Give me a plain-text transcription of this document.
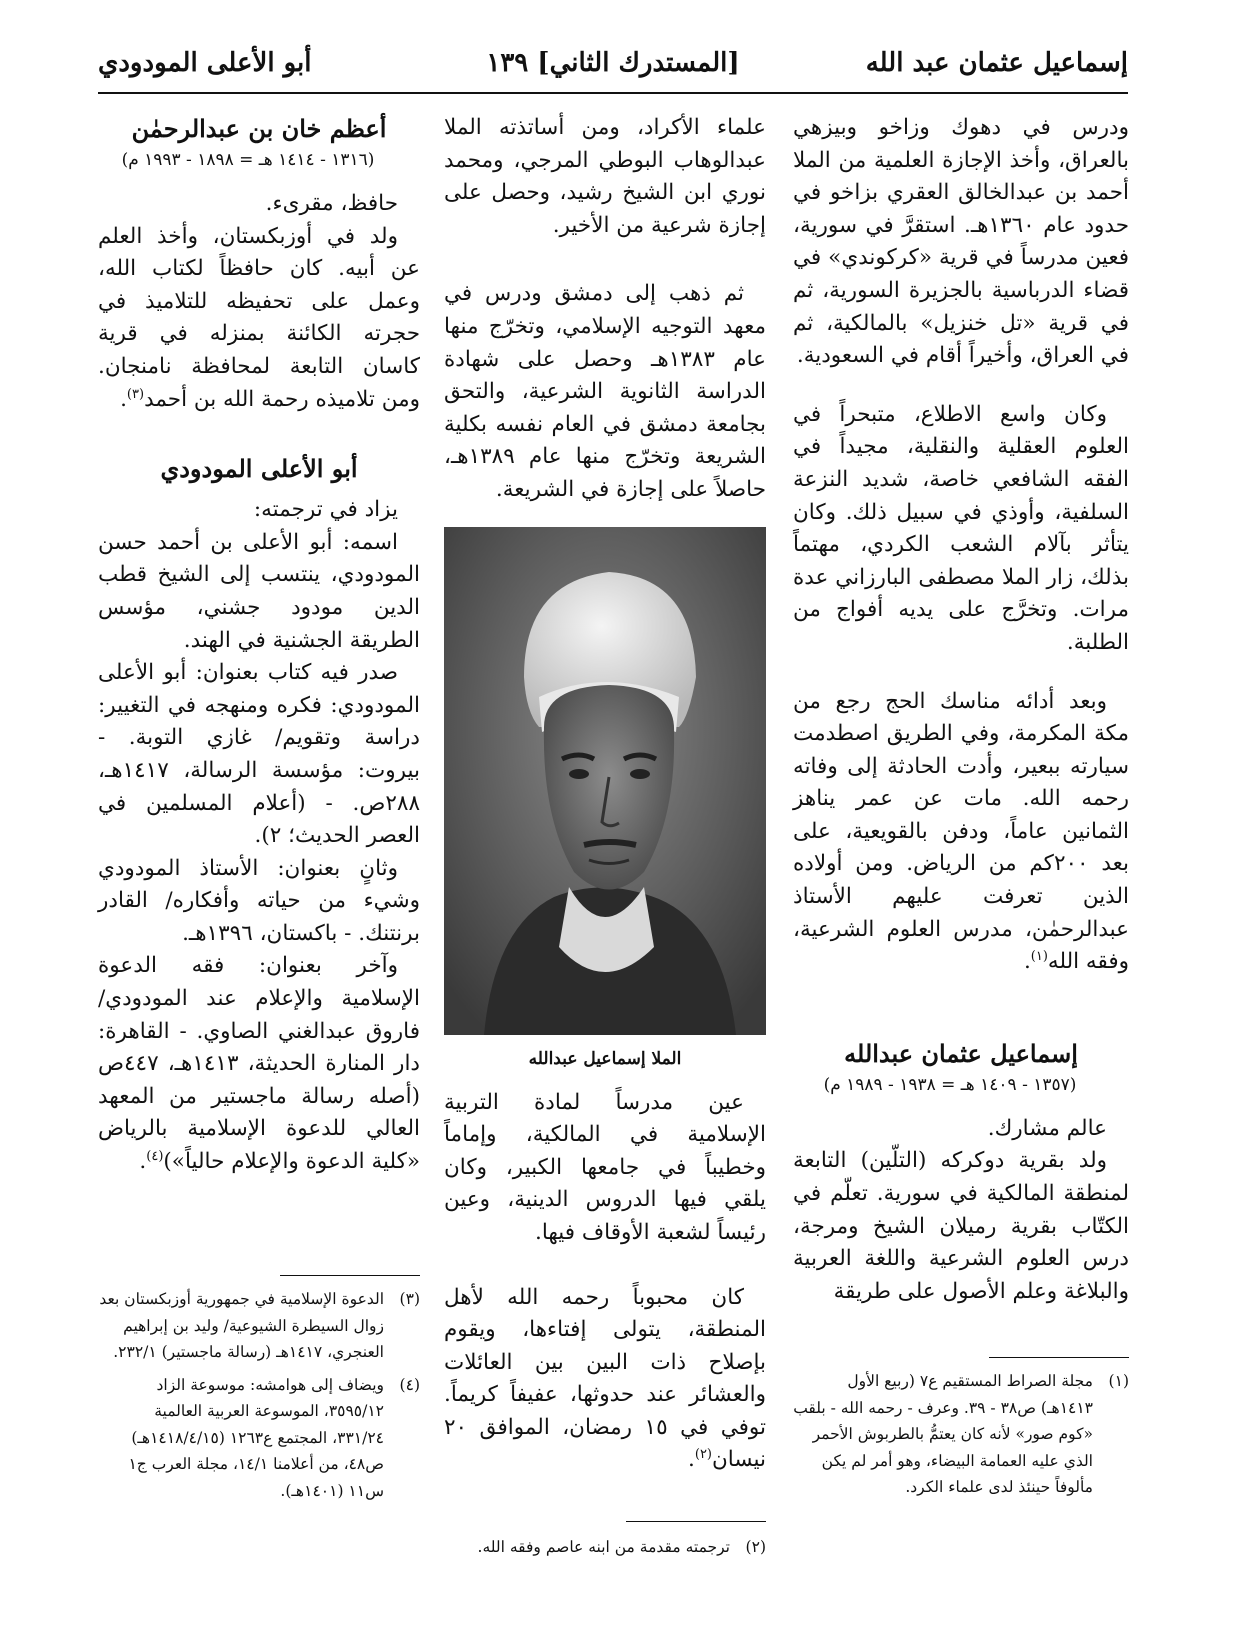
إسماعيل عثمان عبد الله
[المستدرك الثاني] ١٣٩
أبو الأعلى المودودي

ودرس في دهوك وزاخو وبيزهي بالعراق، وأخذ الإجازة العلمية من الملا أحمد بن عبدالخالق العقري بزاخو في حدود عام ١٣٦٠هـ. استقرَّ في سورية، فعين مدرساً في قرية «كركوندي» في قضاء الدرباسية بالجزيرة السورية، ثم في قرية «تل خنزيل» بالمالكية، ثم في العراق، وأخيراً أقام في السعودية.

وكان واسع الاطلاع، متبحراً في العلوم العقلية والنقلية، مجيداً في الفقه الشافعي خاصة، شديد النزعة السلفية، وأوذي في سبيل ذلك. وكان يتأثر بآلام الشعب الكردي، مهتماً بذلك، زار الملا مصطفى البارزاني عدة مرات. وتخرَّج على يديه أفواج من الطلبة.

وبعد أدائه مناسك الحج رجع من مكة المكرمة، وفي الطريق اصطدمت سيارته ببعير، وأدت الحادثة إلى وفاته رحمه الله. مات عن عمر يناهز الثمانين عاماً، ودفن بالقويعية، على بعد ٢٠٠كم من الرياض. ومن أولاده الذين تعرفت عليهم الأستاذ عبدالرحمٰن، مدرس العلوم الشرعية، وفقه الله$^{(١)}$.

إسماعيل عثمان عبدالله

(١٣٥٧ - ١٤٠٩ هـ = ١٩٣٨ - ١٩٨٩ م)

عالم مشارك.

ولد بقرية دوكركه (التلّين) التابعة لمنطقة المالكية في سورية. تعلّم في الكتّاب بقرية رميلان الشيخ ومرجة، درس العلوم الشرعية واللغة العربية والبلاغة وعلم الأصول على طريقة

علماء الأكراد، ومن أساتذته الملا عبدالوهاب البوطي المرجي، ومحمد نوري ابن الشيخ رشيد، وحصل على إجازة شرعية من الأخير.

ثم ذهب إلى دمشق ودرس في معهد التوجيه الإسلامي، وتخرّج منها عام ١٣٨٣هـ وحصل على شهادة الدراسة الثانوية الشرعية، والتحق بجامعة دمشق في العام نفسه بكلية الشريعة وتخرّج منها عام ١٣٨٩هـ، حاصلاً على إجازة في الشريعة.

الملا إسماعيل عبدالله

عين مدرساً لمادة التربية الإسلامية في المالكية، وإماماً وخطيباً في جامعها الكبير، وكان يلقي فيها الدروس الدينية، وعين رئيساً لشعبة الأوقاف فيها.

كان محبوباً رحمه الله لأهل المنطقة، يتولى إفتاءها، ويقوم بإصلاح ذات البين بين العائلات والعشائر عند حدوثها، عفيفاً كريماً. توفي في ١٥ رمضان، الموافق ٢٠ نيسان$^{(٢)}$.

أعظم خان بن عبدالرحمٰن

(١٣١٦ - ١٤١٤ هـ = ١٨٩٨ - ١٩٩٣ م)

حافظ، مقرىء.

ولد في أوزبكستان، وأخذ العلم عن أبيه. كان حافظاً لكتاب الله، وعمل على تحفيظه للتلاميذ في حجرته الكائنة بمنزله في قرية كاسان التابعة لمحافظة نامنجان. ومن تلاميذه رحمة الله بن أحمد$^{(٣)}$.

أبو الأعلى المودودي

يزاد في ترجمته:

اسمه: أبو الأعلى بن أحمد حسن المودودي، ينتسب إلى الشيخ قطب الدين مودود جشني، مؤسس الطريقة الجشنية في الهند.

صدر فيه كتاب بعنوان: أبو الأعلى المودودي: فكره ومنهجه في التغيير: دراسة وتقويم/ غازي التوبة. - بيروت: مؤسسة الرسالة، ١٤١٧هـ، ٢٨٨ص. - (أعلام المسلمين في العصر الحديث؛ ٢).

وثانٍ بعنوان: الأستاذ المودودي وشيء من حياته وأفكاره/ القادر برنتنك. - باكستان، ١٣٩٦هـ.

وآخر بعنوان: فقه الدعوة الإسلامية والإعلام عند المودودي/ فاروق عبدالغني الصاوي. - القاهرة: دار المنارة الحديثة، ١٤١٣هـ، ٤٤٧ص (أصله رسالة ماجستير من المعهد العالي للدعوة الإسلامية بالرياض «كلية الدعوة والإعلام حالياً»)$^{(٤)}$.

(١)
مجلة الصراط المستقيم ع٧ (ربيع الأول ١٤١٣هـ) ص٣٨ - ٣٩. وعرف - رحمه الله - بلقب «كوم صور» لأنه كان يعتمُّ بالطربوش الأحمر الذي عليه العمامة البيضاء، وهو أمر لم يكن مألوفاً حينئذ لدى علماء الكرد.

(٢)
ترجمته مقدمة من ابنه عاصم وفقه الله.

(٣)
الدعوة الإسلامية في جمهورية أوزبكستان بعد زوال السيطرة الشيوعية/ وليد بن إبراهيم العنجري، ١٤١٧هـ (رسالة ماجستير) ٢٣٢/١.

(٤)
ويضاف إلى هوامشه: موسوعة الزاد ٣٥٩٥/١٢، الموسوعة العربية العالمية ٣٣١/٢٤، المجتمع ع١٢٦٣ (١٤١٨/٤/١٥هـ) ص٤٨، من أعلامنا ١٤/١، مجلة العرب ج١ س١١ (١٤٠١هـ).
